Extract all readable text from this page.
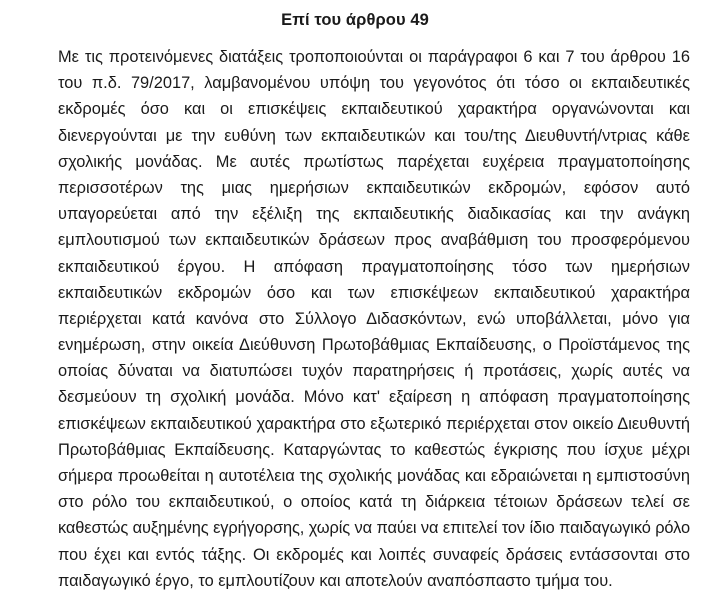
Επί του άρθρου 49

Με τις προτεινόμενες διατάξεις τροποποιούνται οι παράγραφοι 6 και 7 του άρθρου 16
του π.δ. 79/2017, λαμβανομένου υπόψη του γεγονότος ότι τόσο οι εκπαιδευτικές
εκδρομές όσο και οι επισκέψεις εκπαιδευτικού χαρακτήρα οργανώνονται και
διενεργούνται με την ευθύνη των εκπαιδευτικών και του/της Διευθυντή/ντριας κάθε
σχολικής μονάδας. Με αυτές πρωτίστως παρέχεται ευχέρεια πραγματοποίησης
περισσοτέρων της μιας ημερήσιων εκπαιδευτικών εκδρομών, εφόσον αυτό
υπαγορεύεται από την εξέλιξη της εκπαιδευτικής διαδικασίας και την ανάγκη
εμπλουτισμού των εκπαιδευτικών δράσεων προς αναβάθμιση του προσφερόμενου
εκπαιδευτικού έργου. Η απόφαση πραγματοποίησης τόσο των ημερήσιων
εκπαιδευτικών εκδρομών όσο και των επισκέψεων εκπαιδευτικού χαρακτήρα
περιέρχεται κατά κανόνα στο Σύλλογο Διδασκόντων, ενώ υποβάλλεται, μόνο για
ενημέρωση, στην οικεία Διεύθυνση Πρωτοβάθμιας Εκπαίδευσης, ο Προϊστάμενος της
οποίας δύναται να διατυπώσει τυχόν παρατηρήσεις ή προτάσεις, χωρίς αυτές να
δεσμεύουν τη σχολική μονάδα. Μόνο κατ' εξαίρεση η απόφαση πραγματοποίησης
επισκέψεων εκπαιδευτικού χαρακτήρα στο εξωτερικό περιέρχεται στον οικείο Διευθυντή
Πρωτοβάθμιας Εκπαίδευσης. Καταργώντας το καθεστώς έγκρισης που ίσχυε μέχρι
σήμερα προωθείται η αυτοτέλεια της σχολικής μονάδας και εδραιώνεται η εμπιστοσύνη
στο ρόλο του εκπαιδευτικού, ο οποίος κατά τη διάρκεια τέτοιων δράσεων τελεί σε
καθεστώς αυξημένης εγρήγορσης, χωρίς να παύει να επιτελεί τον ίδιο παιδαγωγικό ρόλο
που έχει και εντός τάξης. Οι εκδρομές και λοιπές συναφείς δράσεις εντάσσονται στο
παιδαγωγικό έργο, το εμπλουτίζουν και αποτελούν αναπόσπαστο τμήμα του.
